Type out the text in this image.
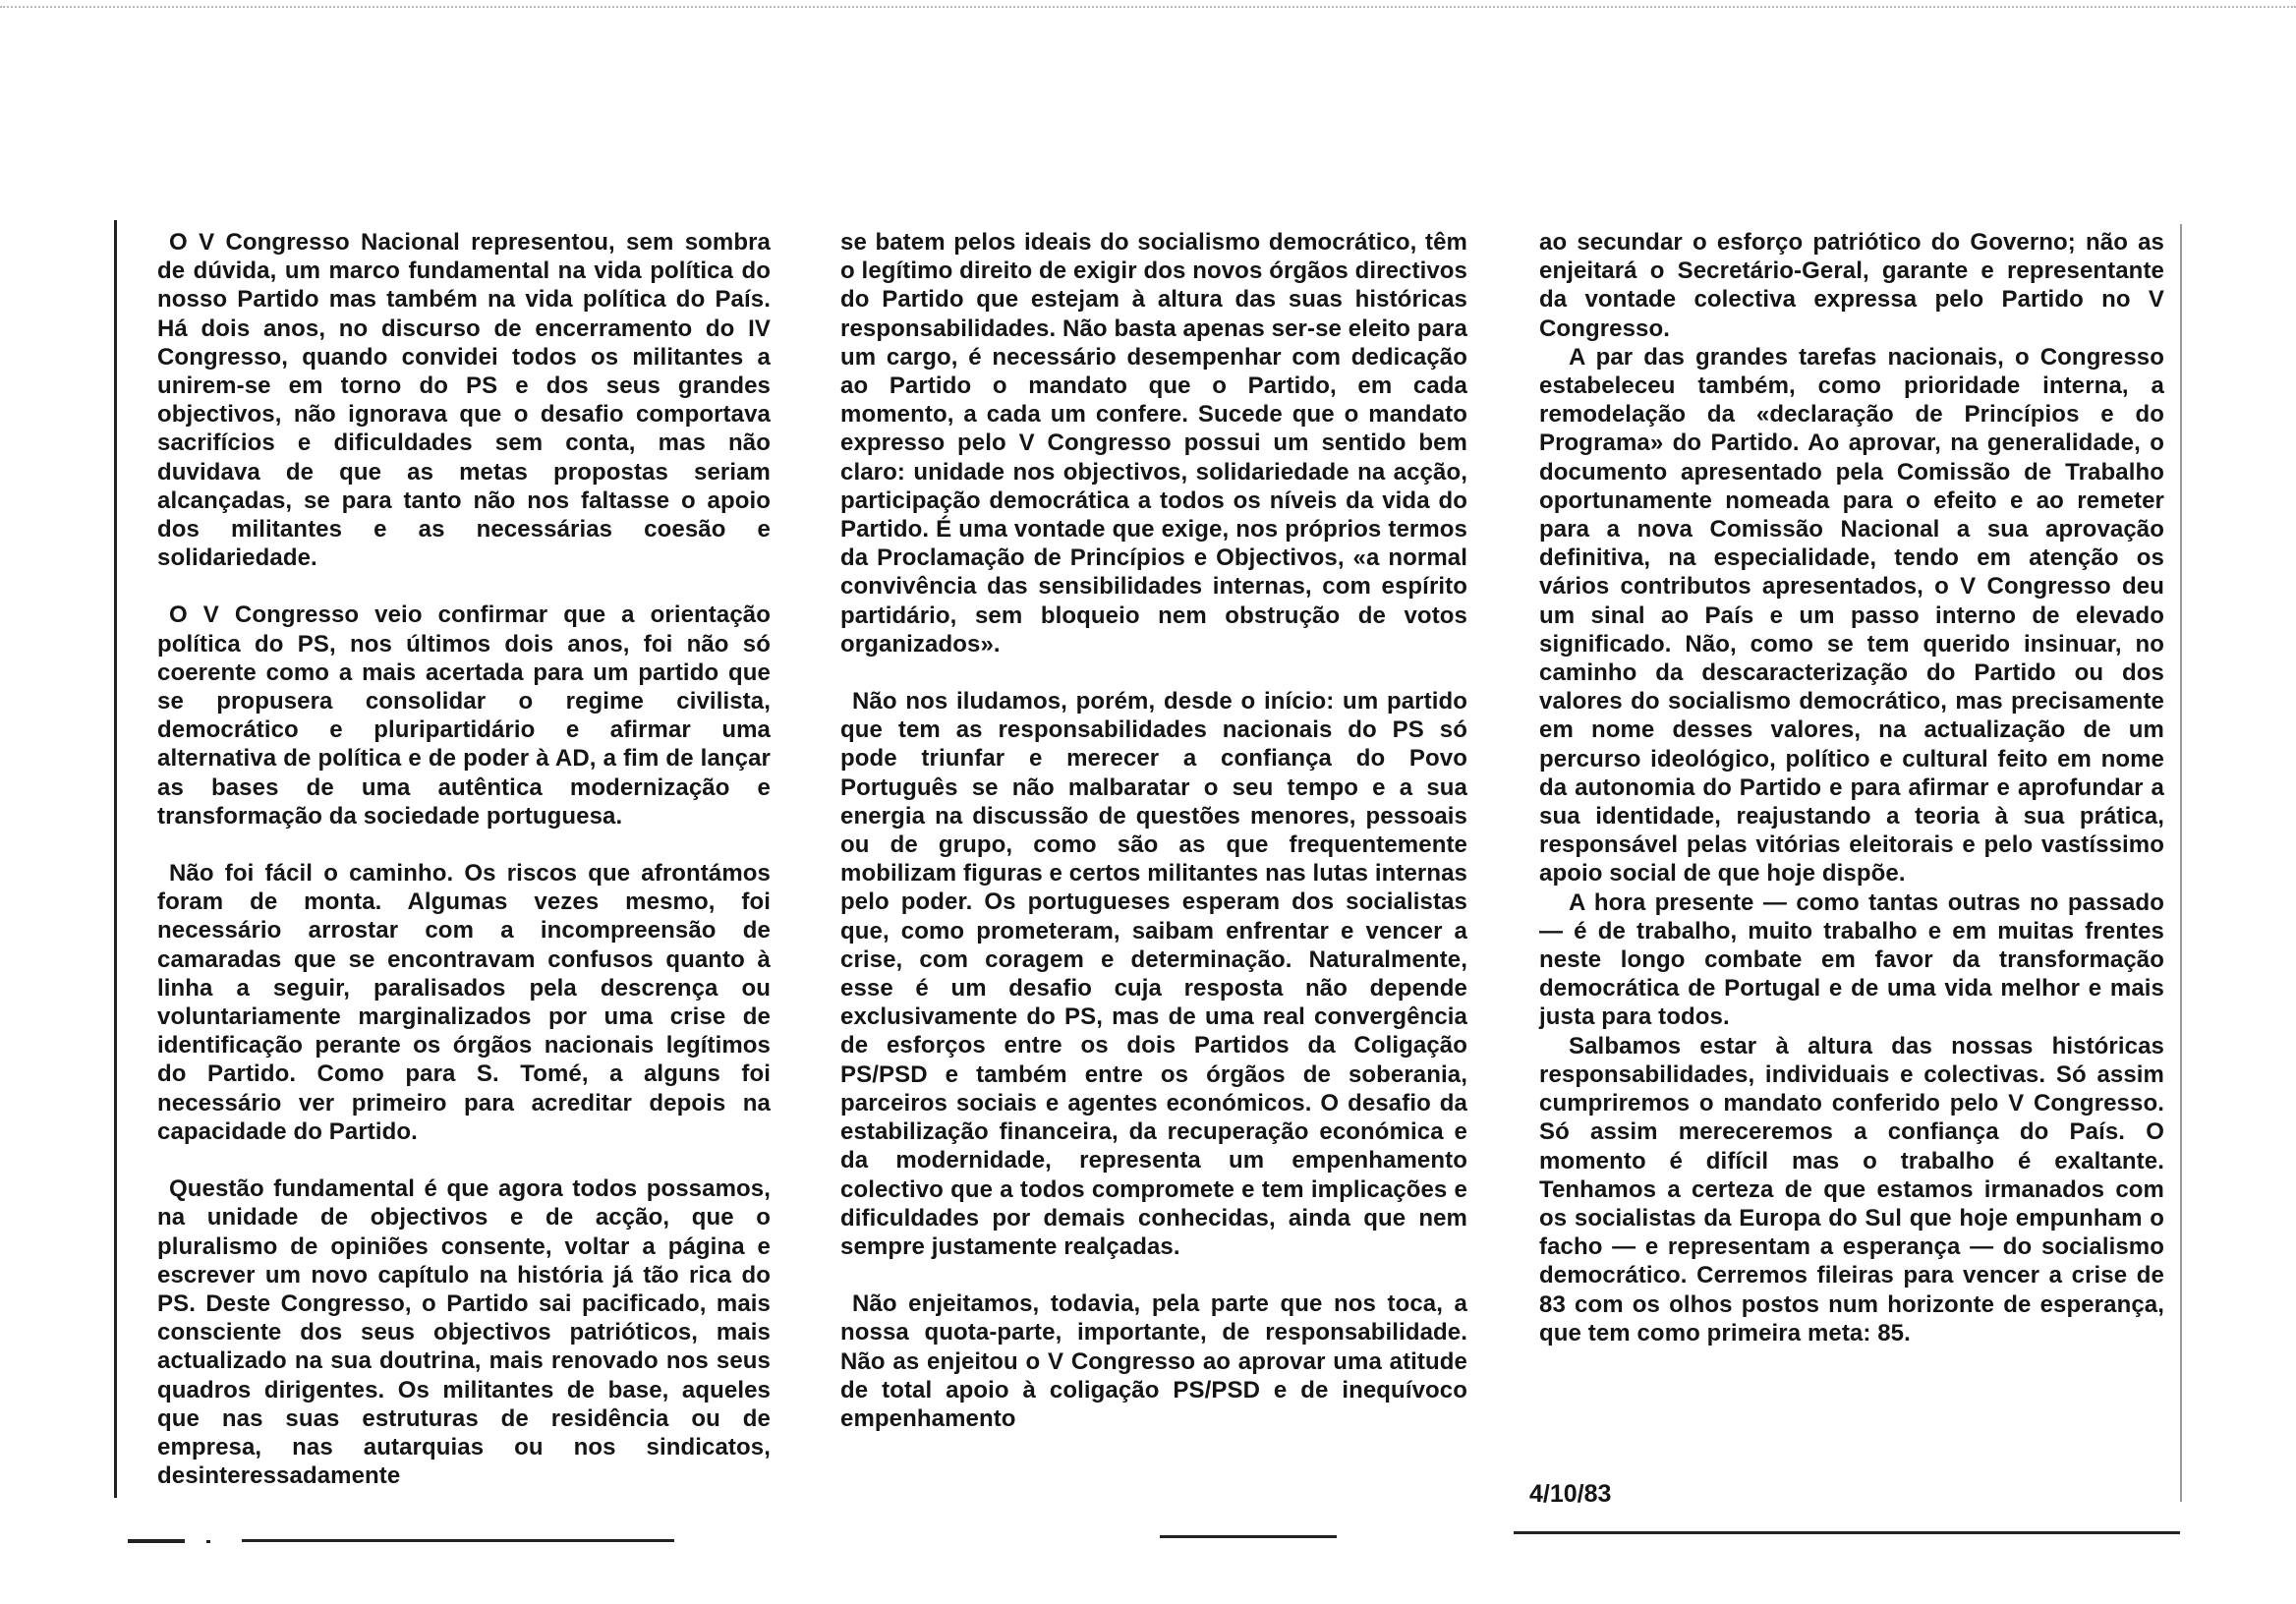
O V Congresso Nacional representou, sem sombra de dúvida, um marco fundamental na vida política do nosso Partido mas também na vida política do País. Há dois anos, no discurso de encerramento do IV Congresso, quando convidei todos os militantes a unirem-se em torno do PS e dos seus grandes objectivos, não ignorava que o desafio comportava sacrifícios e dificuldades sem conta, mas não duvidava de que as metas propostas seriam alcançadas, se para tanto não nos faltasse o apoio dos militantes e as necessárias coesão e solidariedade.

O V Congresso veio confirmar que a orientação política do PS, nos últimos dois anos, foi não só coerente como a mais acertada para um partido que se propusera consolidar o regime civilista, democrático e pluripartidário e afirmar uma alternativa de política e de poder à AD, a fim de lançar as bases de uma autêntica modernização e transformação da sociedade portuguesa.

Não foi fácil o caminho. Os riscos que afrontámos foram de monta. Algumas vezes mesmo, foi necessário arrostar com a incompreensão de camaradas que se encontravam confusos quanto à linha a seguir, paralisados pela descrença ou voluntariamente marginalizados por uma crise de identificação perante os órgãos nacionais legítimos do Partido. Como para S. Tomé, a alguns foi necessário ver primeiro para acreditar depois na capacidade do Partido.

Questão fundamental é que agora todos possamos, na unidade de objectivos e de acção, que o pluralismo de opiniões consente, voltar a página e escrever um novo capítulo na história já tão rica do PS. Deste Congresso, o Partido sai pacificado, mais consciente dos seus objectivos patrióticos, mais actualizado na sua doutrina, mais renovado nos seus quadros dirigentes. Os militantes de base, aqueles que nas suas estruturas de residência ou de empresa, nas autarquias ou nos sindicatos, desinteressadamente

se batem pelos ideais do socialismo democrático, têm o legítimo direito de exigir dos novos órgãos directivos do Partido que estejam à altura das suas históricas responsabilidades. Não basta apenas ser-se eleito para um cargo, é necessário desempenhar com dedicação ao Partido o mandato que o Partido, em cada momento, a cada um confere. Sucede que o mandato expresso pelo V Congresso possui um sentido bem claro: unidade nos objectivos, solidariedade na acção, participação democrática a todos os níveis da vida do Partido. É uma vontade que exige, nos próprios termos da Proclamação de Princípios e Objectivos, «a normal convivência das sensibilidades internas, com espírito partidário, sem bloqueio nem obstrução de votos organizados».

Não nos iludamos, porém, desde o início: um partido que tem as responsabilidades nacionais do PS só pode triunfar e merecer a confiança do Povo Português se não malbaratar o seu tempo e a sua energia na discussão de questões menores, pessoais ou de grupo, como são as que frequentemente mobilizam figuras e certos militantes nas lutas internas pelo poder. Os portugueses esperam dos socialistas que, como prometeram, saibam enfrentar e vencer a crise, com coragem e determinação. Naturalmente, esse é um desafio cuja resposta não depende exclusivamente do PS, mas de uma real convergência de esforços entre os dois Partidos da Coligação PS/PSD e também entre os órgãos de soberania, parceiros sociais e agentes económicos. O desafio da estabilização financeira, da recuperação económica e da modernidade, representa um empenhamento colectivo que a todos compromete e tem implicações e dificuldades por demais conhecidas, ainda que nem sempre justamente realçadas.

Não enjeitamos, todavia, pela parte que nos toca, a nossa quota-parte, importante, de responsabilidade. Não as enjeitou o V Congresso ao aprovar uma atitude de total apoio à coligação PS/PSD e de inequívoco empenhamento

ao secundar o esforço patriótico do Governo; não as enjeitará o Secretário-Geral, garante e representante da vontade colectiva expressa pelo Partido no V Congresso.

A par das grandes tarefas nacionais, o Congresso estabeleceu também, como prioridade interna, a remodelação da «declaração de Princípios e do Programa» do Partido. Ao aprovar, na generalidade, o documento apresentado pela Comissão de Trabalho oportunamente nomeada para o efeito e ao remeter para a nova Comissão Nacional a sua aprovação definitiva, na especialidade, tendo em atenção os vários contributos apresentados, o V Congresso deu um sinal ao País e um passo interno de elevado significado. Não, como se tem querido insinuar, no caminho da descaracterização do Partido ou dos valores do socialismo democrático, mas precisamente em nome desses valores, na actualização de um percurso ideológico, político e cultural feito em nome da autonomia do Partido e para afirmar e aprofundar a sua identidade, reajustando a teoria à sua prática, responsável pelas vitórias eleitorais e pelo vastíssimo apoio social de que hoje dispõe.

A hora presente — como tantas outras no passado — é de trabalho, muito trabalho e em muitas frentes neste longo combate em favor da transformação democrática de Portugal e de uma vida melhor e mais justa para todos.

Salbamos estar à altura das nossas históricas responsabilidades, individuais e colectivas. Só assim cumpriremos o mandato conferido pelo V Congresso. Só assim mereceremos a confiança do País. O momento é difícil mas o trabalho é exaltante. Tenhamos a certeza de que estamos irmanados com os socialistas da Europa do Sul que hoje empunham o facho — e representam a esperança — do socialismo democrático. Cerremos fileiras para vencer a crise de 83 com os olhos postos num horizonte de esperança, que tem como primeira meta: 85.

4/10/83
